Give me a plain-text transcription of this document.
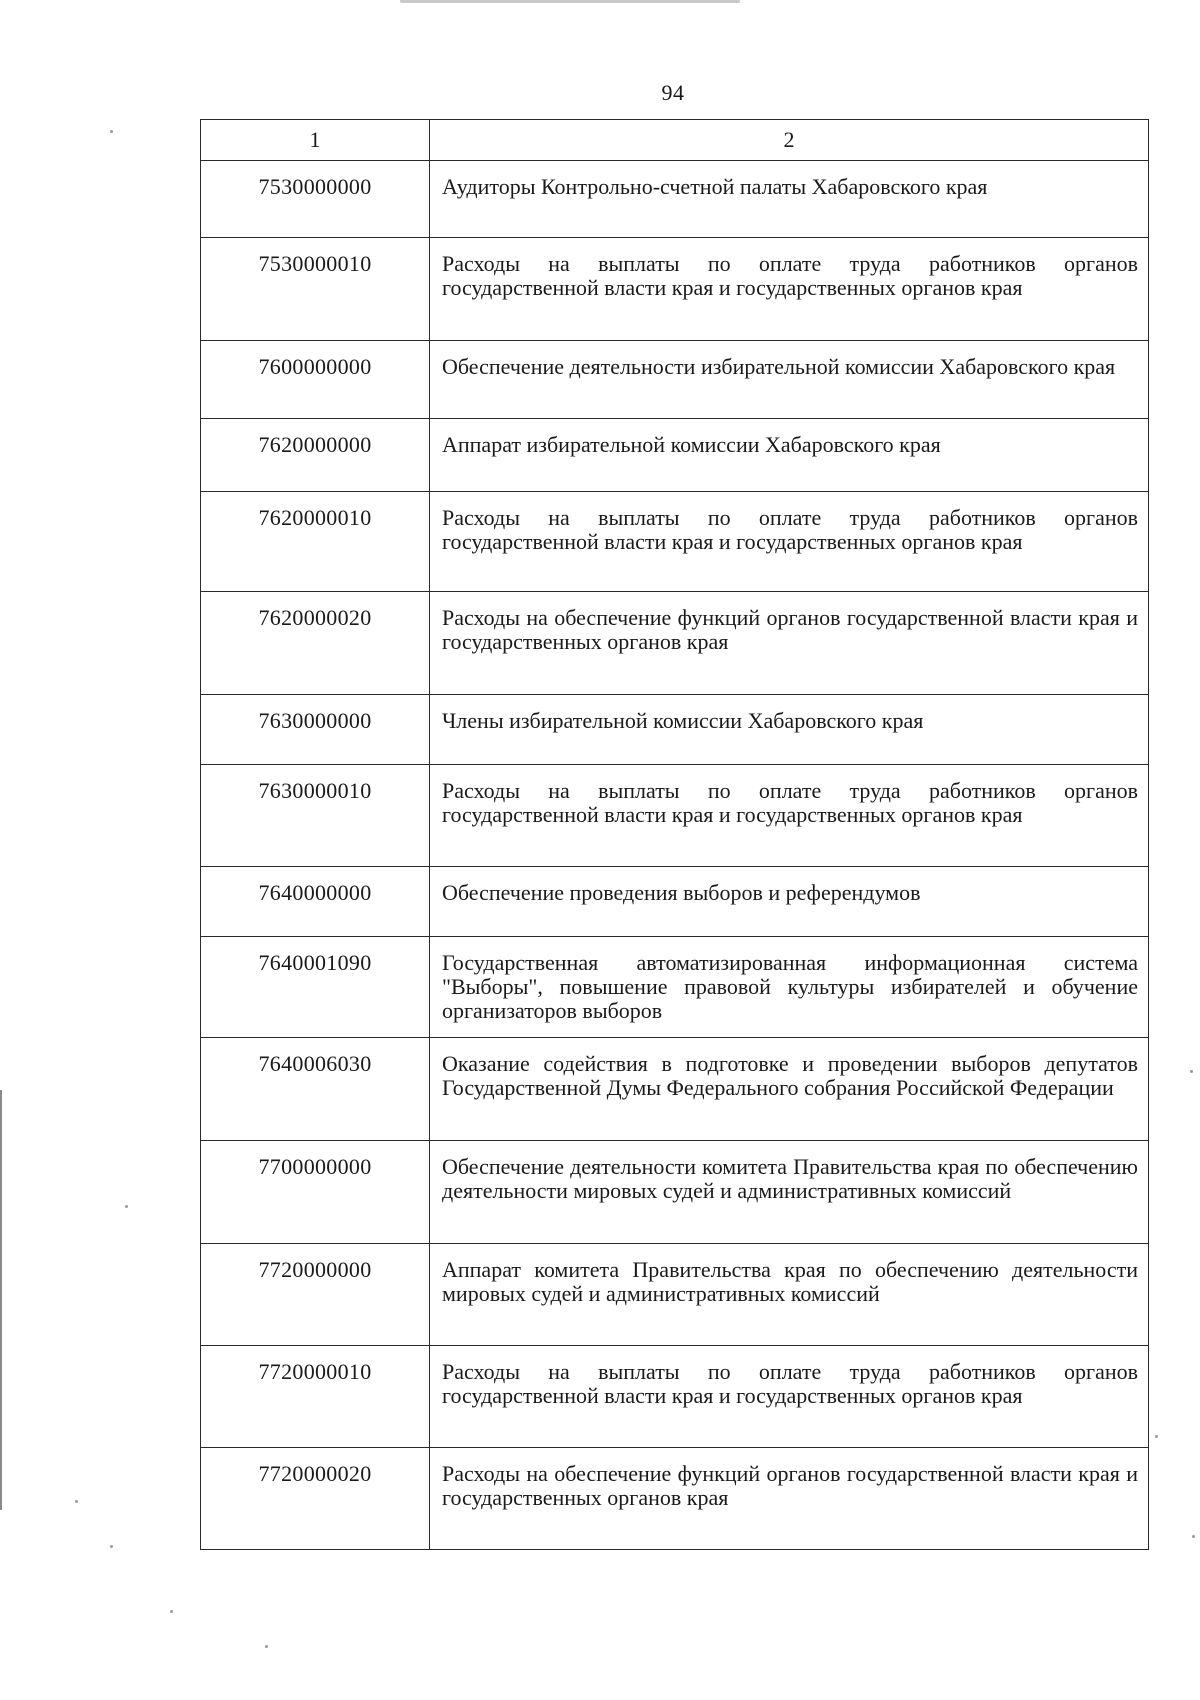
94
1	2
7530000000	Аудиторы Контрольно-счетной палаты Хабаровского края
7530000010	Расходы на выплаты по оплате труда работников органов государственной власти края и государственных органов края
7600000000	Обеспечение деятельности избирательной комиссии Хабаровского края
7620000000	Аппарат избирательной комиссии Хабаровского края
7620000010	Расходы на выплаты по оплате труда работников органов государственной власти края и государственных органов края
7620000020	Расходы на обеспечение функций органов государственной власти края и государственных органов края
7630000000	Члены избирательной комиссии Хабаровского края
7630000010	Расходы на выплаты по оплате труда работников органов государственной власти края и государственных органов края
7640000000	Обеспечение проведения выборов и референдумов
7640001090	Государственная автоматизированная информационная система "Выборы", повышение правовой культуры избирателей и обучение организаторов выборов
7640006030	Оказание содействия в подготовке и проведении выборов депутатов Государственной Думы Федерального собрания Российской Федерации
7700000000	Обеспечение деятельности комитета Правительства края по обеспечению деятельности мировых судей и административных комиссий
7720000000	Аппарат комитета Правительства края по обеспечению деятельности мировых судей и административных комиссий
7720000010	Расходы на выплаты по оплате труда работников органов государственной власти края и государственных органов края
7720000020	Расходы на обеспечение функций органов государственной власти края и государственных органов края
